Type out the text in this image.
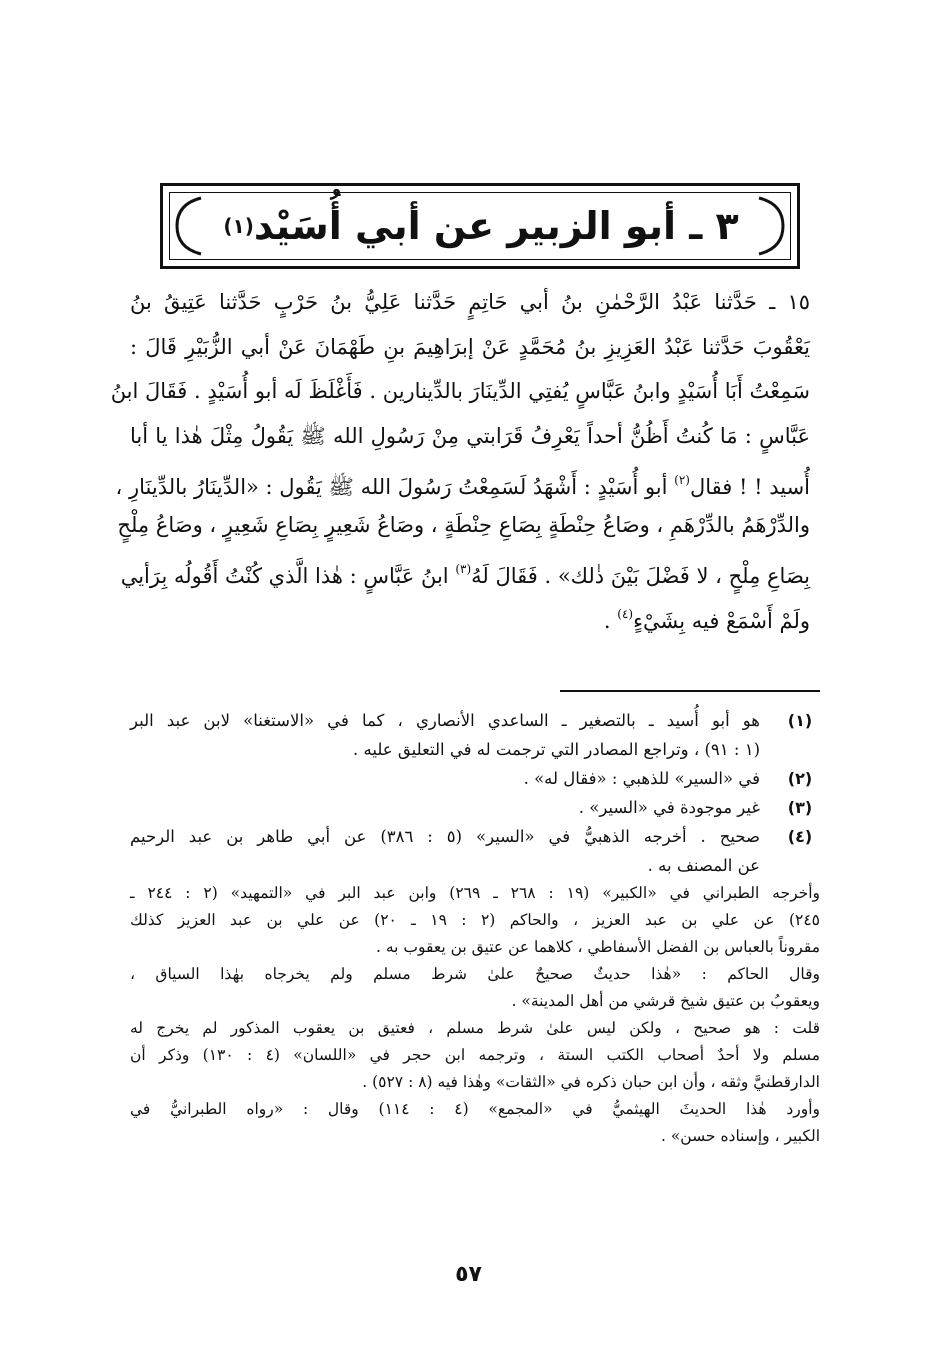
٣ ـ أبو الزبير عن أبي أُسَيْد
(١)
١٥ ـ حَدَّثنا عَبْدُ الرَّحْمٰنِ بنُ أبي حَاتِمٍ حَدَّثنا عَلِيُّ بنُ حَرْبٍ حَدَّثنا عَتِيقُ بنُ
يَعْقُوبَ حَدَّثنا عَبْدُ العَزِيزِ بنُ مُحَمَّدٍ عَنْ إبرَاهِيمَ بنِ طَهْمَانَ عَنْ أبي الزُّبَيْرِ قَالَ :
سَمِعْتُ أَبَا أُسَيْدٍ وابنُ عَبَّاسٍ يُفتِي الدِّينَارَ بالدِّينارين . فَأَغْلَظَ لَه أبو أُسَيْدٍ . فَقَالَ ابنُ
عَبَّاسٍ : مَا كُنتُ أَظُنُّ أحداً يَعْرِفُ قَرَابتي مِنْ رَسُولِ الله ﷺ يَقُولُ مِثْلَ هٰذا يا أبا
أُسيد ! ! فقال$^{(٢)}$ أبو أُسَيْدٍ : أَشْهَدُ لَسَمِعْتُ رَسُولَ الله ﷺ يَقُول : «الدِّينَارُ بالدِّينَارِ ،
والدِّرْهَمُ بالدِّرْهَمِ ، وصَاعُ حِنْطَةٍ بِصَاعِ حِنْطَةٍ ، وصَاعُ شَعِيرٍ بِصَاعِ شَعِيرٍ ، وصَاعُ مِلْحٍ
بِصَاعِ مِلْحٍ ، لا فَضْلَ بَيْنَ ذٰلك» . فَقَالَ لَهُ$^{(٣)}$ ابنُ عَبَّاسٍ : هٰذا الَّذي كُنْتُ أَقُولُه بِرَأيي
ولَمْ أَسْمَعْ فيه بِشَيْءٍ$^{(٤)}$ .
(١)
هو أبو أُسيد ـ بالتصغير ـ الساعدي الأنصاري ، كما في «الاستغنا» لابن عبد البر
(١ : ٩١) ، وتراجع المصادر التي ترجمت له في التعليق عليه .
(٢)
في «السير» للذهبي : «فقال له» .
(٣)
غير موجودة في «السير» .
(٤)
صحيح . أخرجه الذهبيُّ في «السير» (٥ : ٣٨٦) عن أبي طاهر بن عبد الرحيم
عن المصنف به .
وأخرجه الطبراني في «الكبير» (١٩ : ٢٦٨ ـ ٢٦٩) وابن عبد البر في «التمهيد» (٢ : ٢٤٤ ـ
٢٤٥) عن علي بن عبد العزيز ، والحاكم (٢ : ١٩ ـ ٢٠) عن علي بن عبد العزيز كذلك
مقروناً بالعباس بن الفضل الأسفاطي ، كلاهما عن عتيق بن يعقوب به .
وقال الحاكم : «هٰذا حديثٌ صحيحٌ علىٰ شرط مسلم ولم يخرجاه بهٰذا السياق ،
ويعقوبُ بن عتيق شيخ قرشي من أهل المدينة» .
قلت : هو صحيح ، ولكن ليس علىٰ شرط مسلم ، فعتيق بن يعقوب المذكور لم يخرج له
مسلم ولا أحدٌ أصحاب الكتب الستة ، وترجمه ابن حجر في «اللسان» (٤ : ١٣٠) وذكر أن
الدارقطنيَّ وثقه ، وأن ابن حبان ذكره في «الثقات» وهٰذا فيه (٨ : ٥٢٧) .
وأورد هٰذا الحديثَ الهيثميُّ في «المجمع» (٤ : ١١٤) وقال : «رواه الطبرانيُّ في
الكبير ، وإسناده حسن» .
٥٧
